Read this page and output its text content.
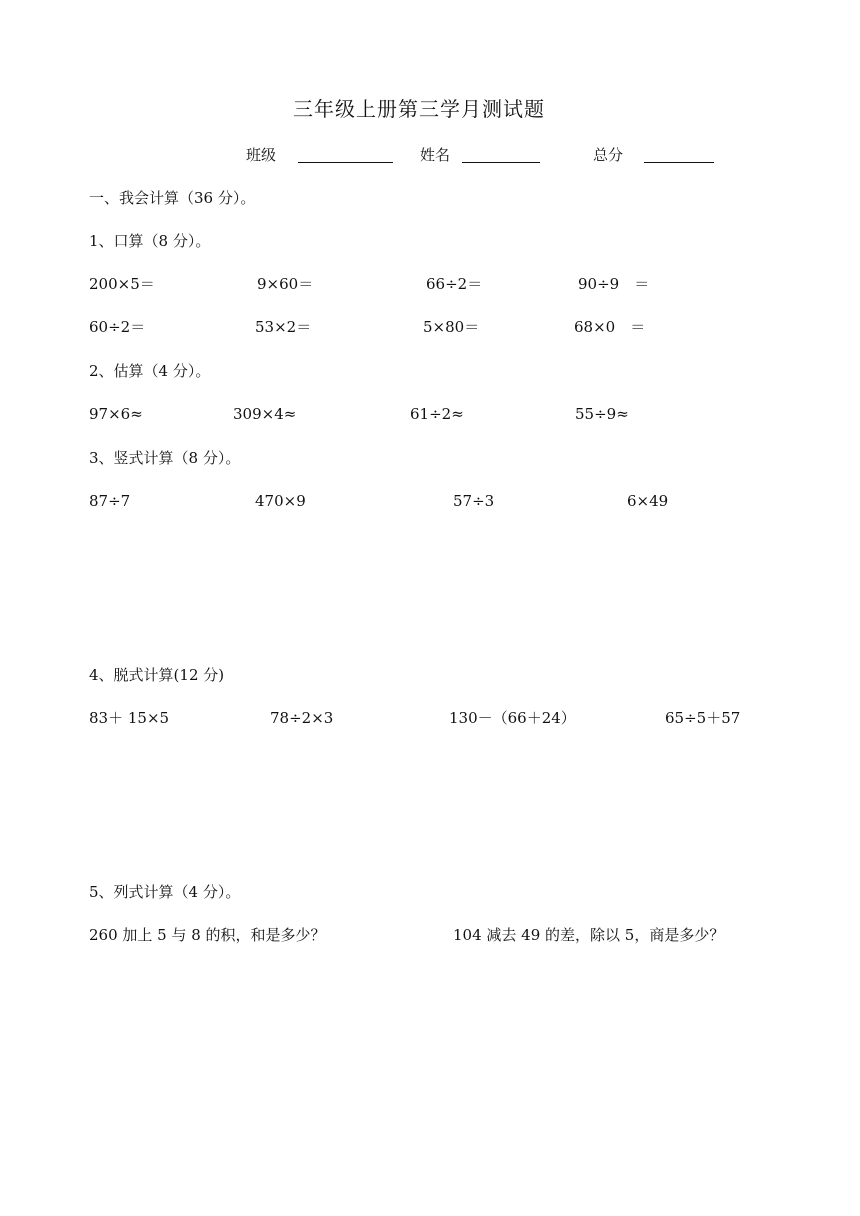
三年级上册第三学月测试题
班级	姓名	总分
一、我会计算（36 分）。
1、口算（8 分）。
200×5＝	9×60＝	66÷2＝	90÷9　＝
60÷2＝	53×2＝	5×80＝	68×0　＝
2、估算（4 分）。
97×6≈	309×4≈	61÷2≈	55÷9≈
3、竖式计算（8 分）。
87÷7	470×9	57÷3	6×49
4、脱式计算(12 分)
83＋ 15×5	78÷2×3	130－（66＋24）	65÷5＋57
5、列式计算（4 分）。
260 加上 5 与 8 的积，和是多少？	104 减去 49 的差，除以 5，商是多少？
